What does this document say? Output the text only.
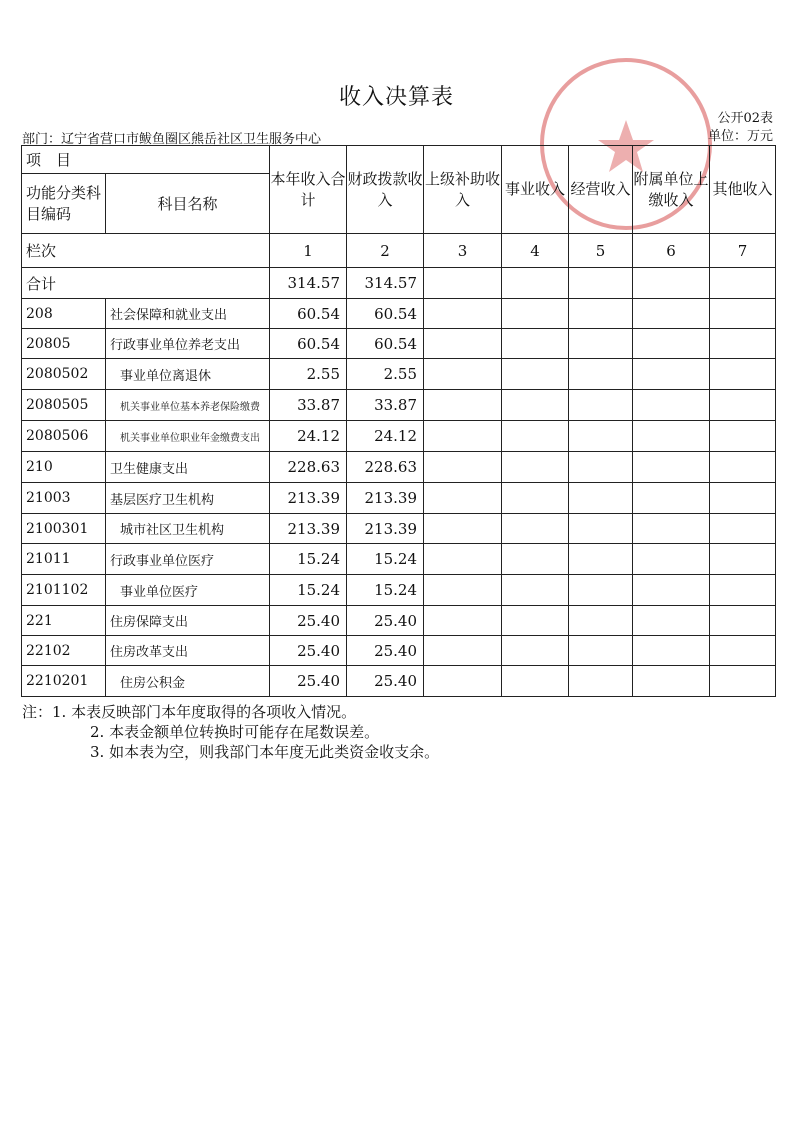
收入决算表
公开02表
部门：辽宁省营口市鲅鱼圈区熊岳社区卫生服务中心	单位：万元
项　目		本年收入合计	财政拨款收入	上级补助收入	事业收入	经营收入	附属单位上缴收入	其他收入
功能分类科目编码	科目名称							
栏次		1	2	3	4	5	6	7
合计		314.57	314.57					
208	社会保障和就业支出	60.54	60.54					
20805	行政事业单位养老支出	60.54	60.54					
2080502	事业单位离退休	2.55	2.55					
2080505	机关事业单位基本养老保险缴费	33.87	33.87					
2080506	机关事业单位职业年金缴费支出	24.12	24.12					
210	卫生健康支出	228.63	228.63					
21003	基层医疗卫生机构	213.39	213.39					
2100301	城市社区卫生机构	213.39	213.39					
21011	行政事业单位医疗	15.24	15.24					
2101102	事业单位医疗	15.24	15.24					
221	住房保障支出	25.40	25.40					
22102	住房改革支出	25.40	25.40					
2210201	住房公积金	25.40	25.40					
注：1. 本表反映部门本年度取得的各项收入情况。
2. 本表金额单位转换时可能存在尾数误差。
3. 如本表为空，则我部门本年度无此类资金收支余。
